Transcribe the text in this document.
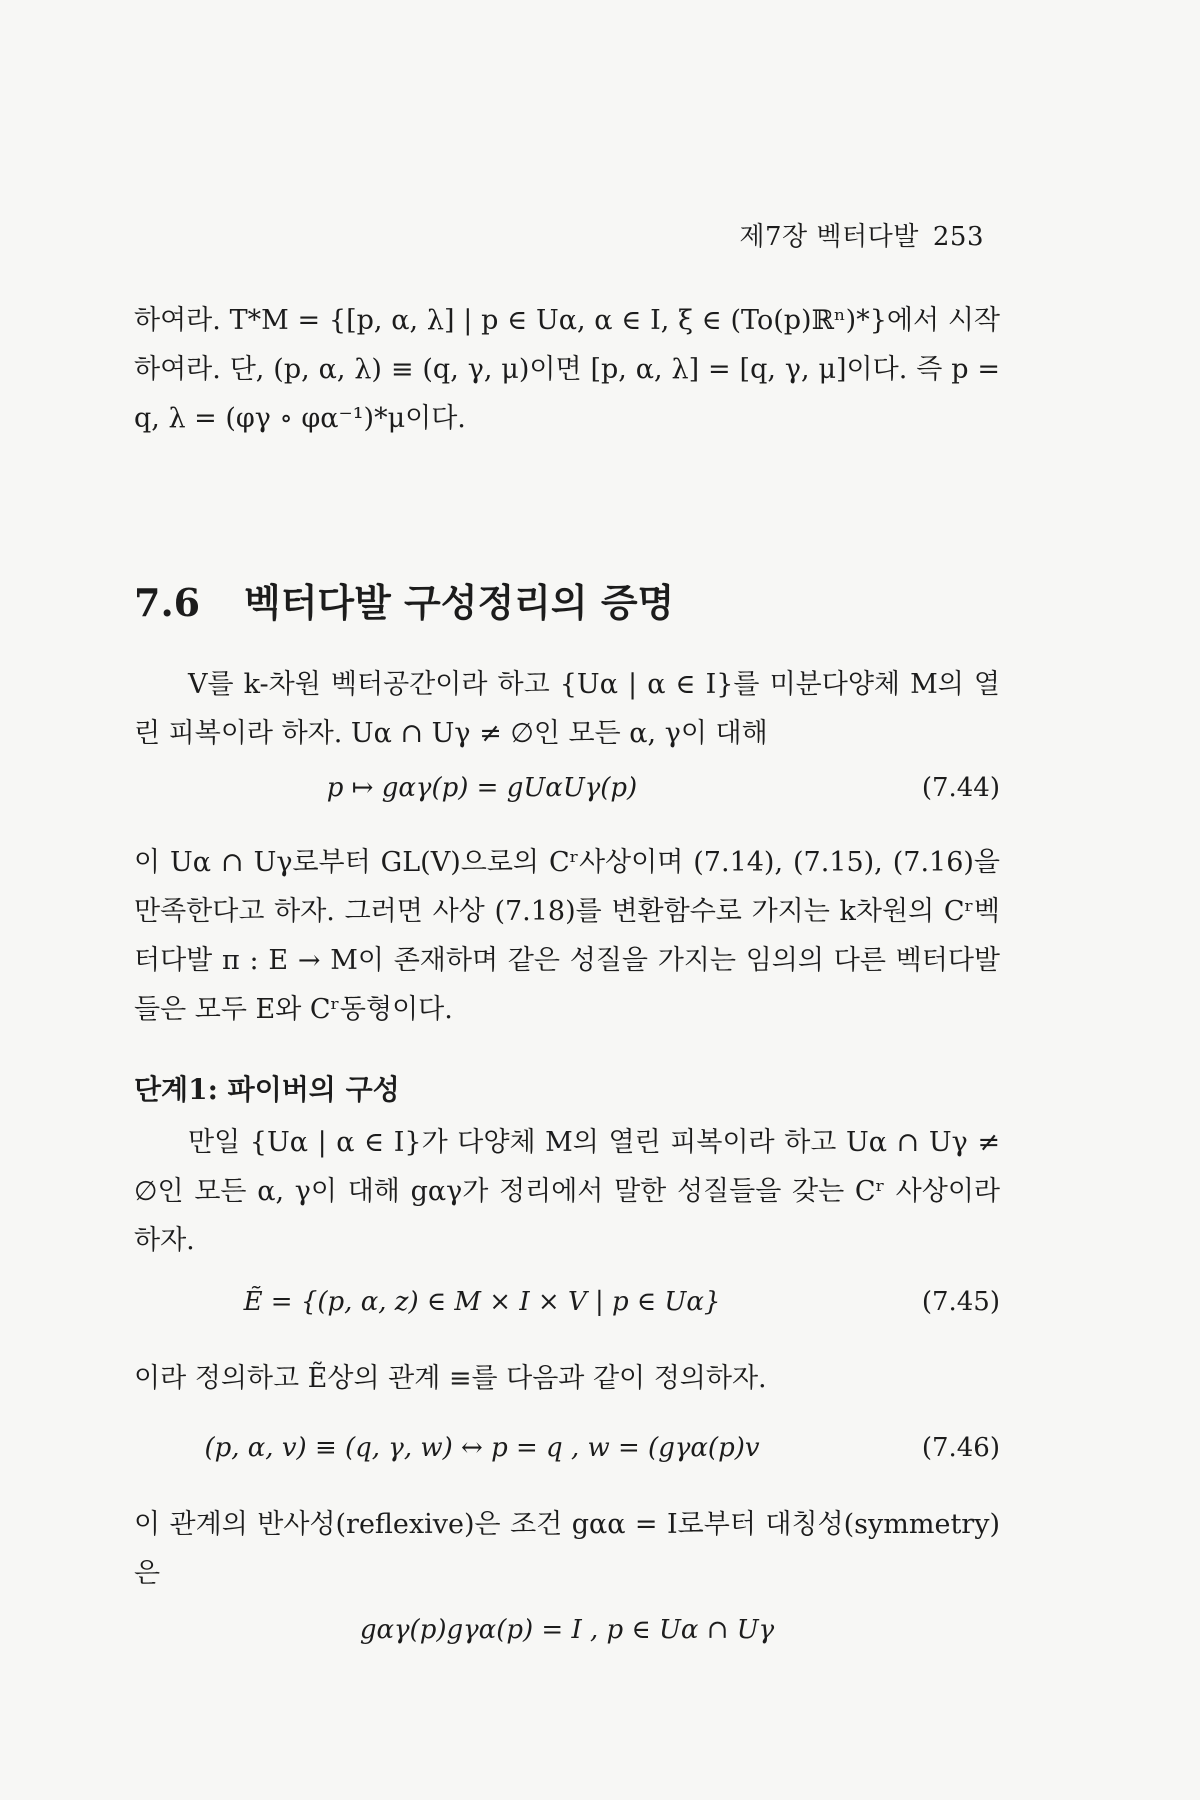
제7장 벡터다발 253

하여라. T*M = {[p, α, λ] | p ∈ Uα, α ∈ I, ξ ∈ (To(p)ℝⁿ)*}에서 시작하여라. 단, (p, α, λ) ≡ (q, γ, μ)이면 [p, α, λ] = [q, γ, μ]이다. 즉 p = q, λ = (φγ ∘ φα⁻¹)*μ이다.

7.6 벡터다발 구성정리의 증명

V를 k-차원 벡터공간이라 하고 {Uα | α ∈ I}를 미분다양체 M의 열린 피복이라 하자. Uα ∩ Uγ ≠ ∅인 모든 α, γ이 대해

p ↦ gαγ(p) = gUαUγ(p)	(7.44)

이 Uα ∩ Uγ로부터 GL(V)으로의 Cʳ사상이며 (7.14), (7.15), (7.16)을 만족한다고 하자. 그러면 사상 (7.18)를 변환함수로 가지는 k차원의 Cʳ벡터다발 π : E → M이 존재하며 같은 성질을 가지는 임의의 다른 벡터다발들은 모두 E와 Cʳ동형이다.

단계1: 파이버의 구성

만일 {Uα | α ∈ I}가 다양체 M의 열린 피복이라 하고 Uα ∩ Uγ ≠ ∅인 모든 α, γ이 대해 gαγ가 정리에서 말한 성질들을 갖는 Cʳ 사상이라 하자.

Ẽ = {(p, α, z) ∈ M × I × V | p ∈ Uα}	(7.45)

이라 정의하고 Ẽ상의 관계 ≡를 다음과 같이 정의하자.

(p, α, v) ≡ (q, γ, w) ↔ p = q , w = (gγα(p)v	(7.46)

이 관계의 반사성(reflexive)은 조건 gαα = I로부터 대칭성(symmetry)은

gαγ(p)gγα(p) = I , p ∈ Uα ∩ Uγ
